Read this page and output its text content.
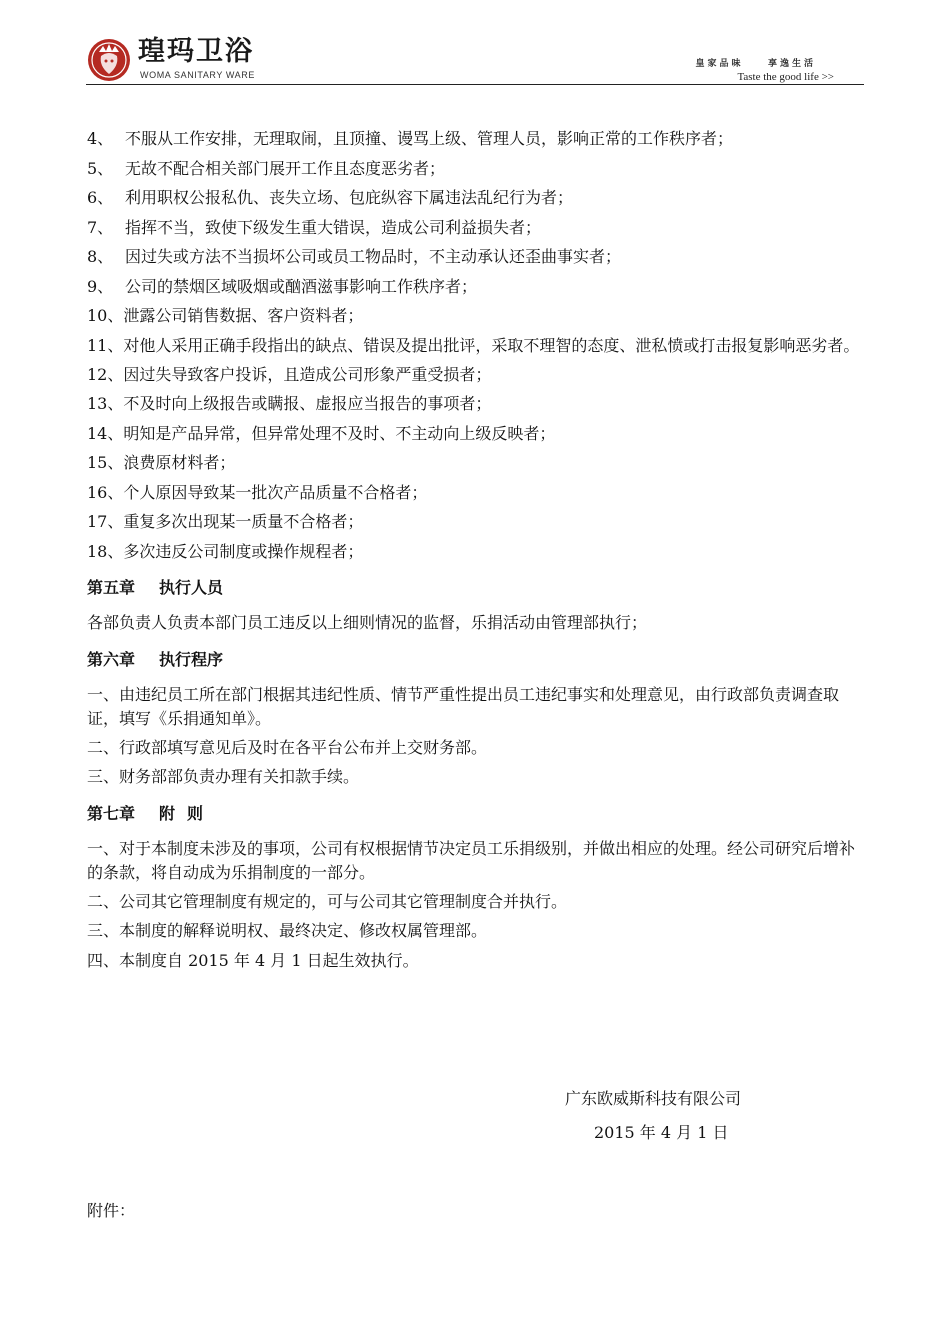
瑝玛卫浴
WOMA SANITARY WARE
皇家品味    享逸生活
Taste the good life >>
4、 不服从工作安排，无理取闹，且顶撞、谩骂上级、管理人员，影响正常的工作秩序者；
5、 无故不配合相关部门展开工作且态度恶劣者；
6、 利用职权公报私仇、丧失立场、包庇纵容下属违法乱纪行为者；
7、 指挥不当，致使下级发生重大错误，造成公司利益损失者；
8、 因过失或方法不当损坏公司或员工物品时，不主动承认还歪曲事实者；
9、 公司的禁烟区域吸烟或酗酒滋事影响工作秩序者；
10、泄露公司销售数据、客户资料者；
11、对他人采用正确手段指出的缺点、错误及提出批评，采取不理智的态度、泄私愤或打击报复影响恶劣者。
12、因过失导致客户投诉，且造成公司形象严重受损者；
13、不及时向上级报告或瞒报、虚报应当报告的事项者；
14、明知是产品异常，但异常处理不及时、不主动向上级反映者；
15、浪费原材料者；
16、个人原因导致某一批次产品质量不合格者；
17、重复多次出现某一质量不合格者；
18、多次违反公司制度或操作规程者；
第五章 执行人员
各部负责人负责本部门员工违反以上细则情况的监督，乐捐活动由管理部执行；
第六章 执行程序
一、由违纪员工所在部门根据其违纪性质、情节严重性提出员工违纪事实和处理意见，由行政部负责调查取证，填写《乐捐通知单》。
二、行政部填写意见后及时在各平台公布并上交财务部。
三、财务部部负责办理有关扣款手续。
第七章 附 则
一、对于本制度未涉及的事项，公司有权根据情节决定员工乐捐级别，并做出相应的处理。经公司研究后增补的条款，将自动成为乐捐制度的一部分。
二、公司其它管理制度有规定的，可与公司其它管理制度合并执行。
三、本制度的解释说明权、最终决定、修改权属管理部。
四、本制度自 2015 年 4 月 1 日起生效执行。
广东欧威斯科技有限公司
2015 年 4 月 1 日
附件：
